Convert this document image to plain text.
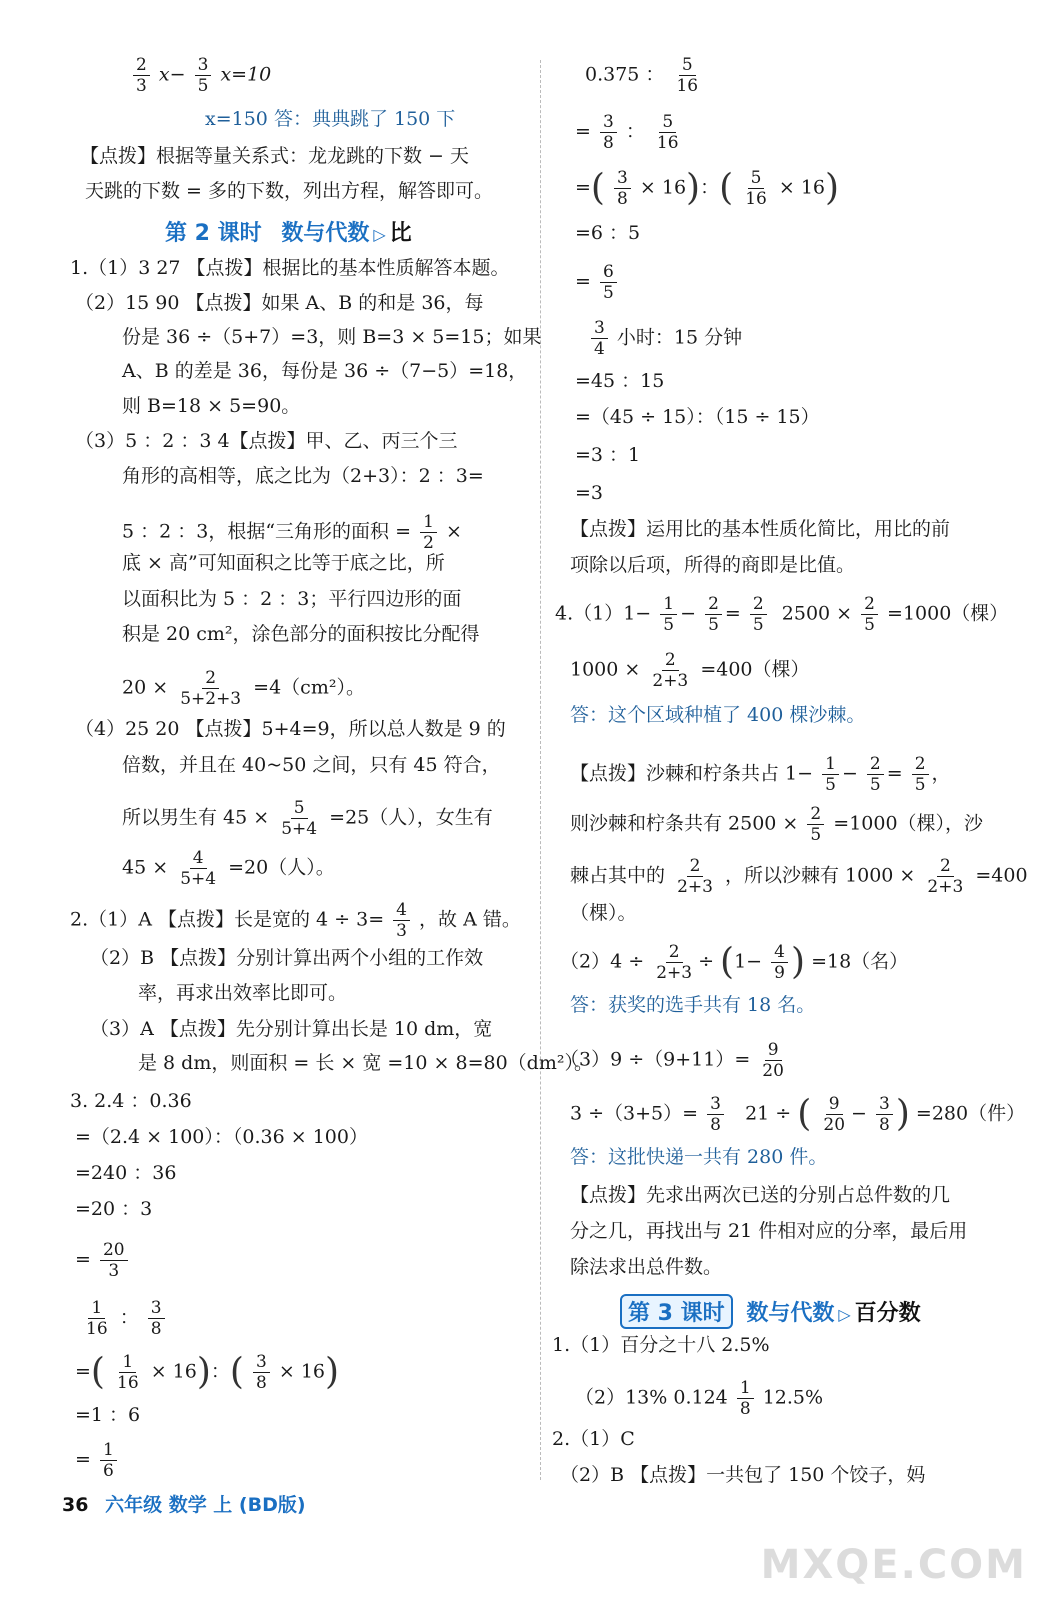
$\frac{2}{3} x- \frac{3}{5} x=10$
x=150 答：典典跳了 150 下
【点拨】根据等量关系式：龙龙跳的下数 − 天
天跳的下数 = 多的下数，列出方程，解答即可。
第 2 课时 数与代数 ▷ 比
1.（1）3 27 【点拨】根据比的基本性质解答本题。
（2）15 90 【点拨】如果 A、B 的和是 36，每
份是 36 ÷（5+7）=3，则 B=3 × 5=15；如果
A、B 的差是 36，每份是 36 ÷（7−5）=18，
则 B=18 × 5=90。
（3）5 ：2 ：3 4【点拨】甲、乙、丙三个三
角形的高相等，底之比为（2+3）：2 ：3=
5 ：2 ：3，根据“三角形的面积 = $\frac{1}{2}$ ×
底 × 高”可知面积之比等于底之比，所
以面积比为 5 ：2 ：3；平行四边形的面
积是 20 cm²，涂色部分的面积按比分配得
$20 \times \frac{2}{5+2+3} =4(cm^2)$。
（4）25 20 【点拨】5+4=9，所以总人数是 9 的
倍数，并且在 40~50 之间，只有 45 符合，
所以男生有 $45 \times \frac{5}{5+4} =25$（人），女生有
$45 \times \frac{4}{5+4} =20$（人）。
2.（1）A 【点拨】长是宽的 $4 \div 3= \frac{4}{3}$ ，故 A 错。
（2）B 【点拨】分别计算出两个小组的工作效
率，再求出效率比即可。
（3）A 【点拨】先分别计算出长是 10 dm，宽
是 8 dm，则面积 = 长 × 宽 =10 × 8=80（dm²）。
3. 2.4 ：0.36
=（2.4 × 100）：（0.36 × 100）
=240 ：36
=20 ：3
= $\frac{20}{3}$
$\frac{1}{16}$ ： $\frac{3}{8}$
=( $\frac{1}{16} \times 16$)：( $\frac{3}{8} \times 16$)
=1 ：6
= $\frac{1}{6}$
0.375 ： $\frac{5}{16}$
= $\frac{3}{8}$ ： $\frac{5}{16}$
=( $\frac{3}{8} \times 16$)：( $\frac{5}{16} \times 16$)
=6 ：5
= $\frac{6}{5}$
$\frac{3}{4}$ 小时：15 分钟
=45 ：15
=（45 ÷ 15）：（15 ÷ 15）
=3 ：1
=3
【点拨】运用比的基本性质化简比，用比的前
项除以后项，所得的商即是比值。
$4.(1)1- \frac{1}{5} - \frac{2}{5} = \frac{2}{5} 2500 \times \frac{2}{5} =1000$（棵）
$1000 \times \frac{2}{2+3} =400$（棵）
答：这个区域种植了 400 棵沙棘。
【点拨】沙棘和柠条共占 $1- \frac{1}{5} - \frac{2}{5} = \frac{2}{5}$ ，
则沙棘和柠条共有 $2500 \times \frac{2}{5} =1000$（棵），沙
棘占其中的 $\frac{2}{2+3}$ ，所以沙棘有 $1000 \times \frac{2}{2+3} =400$
（棵）。
$(2)4 \div \frac{2}{2+3} \div (1- \frac{4}{9}$ ) =18（名）
答：获奖的选手共有 18 名。
$(3)9 \div(9+11)= \frac{9}{20}$
$3 \div(3+5)= \frac{3}{8} 21$ ÷ ( $\frac{9}{20} - \frac{3}{8}$ ) =280（件）
答：这批快递一共有 280 件。
【点拨】先求出两次已送的分别占总件数的几
分之几，再找出与 21 件相对应的分率，最后用
除法求出总件数。
第 3 课时 数与代数 ▷ 百分数
1.（1）百分之十八 2.5%
（2）13% $0.124 \frac{1}{8} 12.5\%$
2.（1）C
（2）B 【点拨】一共包了 150 个饺子，妈
36 六年级 数学 上 (BD版)
MXQE.COM
